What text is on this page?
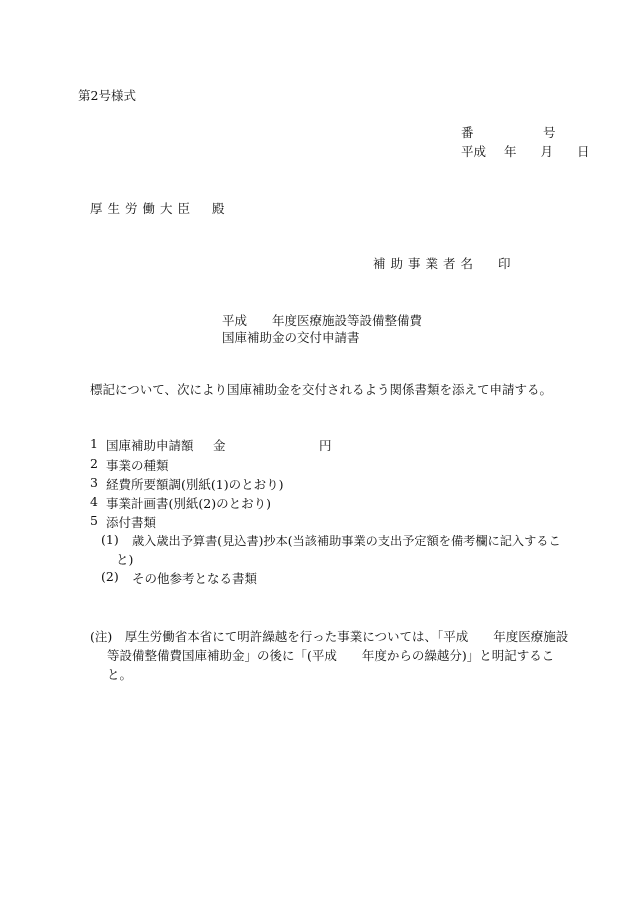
第2号様式
番	号
平成 年 月 日
厚生労働大臣 殿
補助事業者名 印
平成　　年度医療施設等設備整備費
国庫補助金の交付申請書
標記について、次により国庫補助金を交付されるよう関係書類を添えて申請する。
1 国庫補助申請額 金	円
2 事業の種類
3 経費所要額調(別紙(1)のとおり)
4 事業計画書(別紙(2)のとおり)
5 添付書類
(1) 歳入歳出予算書(見込書)抄本(当該補助事業の支出予定額を備考欄に記入するこ
と)
(2) その他参考となる書類
(注)　厚生労働省本省にて明許繰越を行った事業については、「平成　　年度医療施設
等設備整備費国庫補助金」の後に「(平成　　年度からの繰越分)」と明記するこ
と。
